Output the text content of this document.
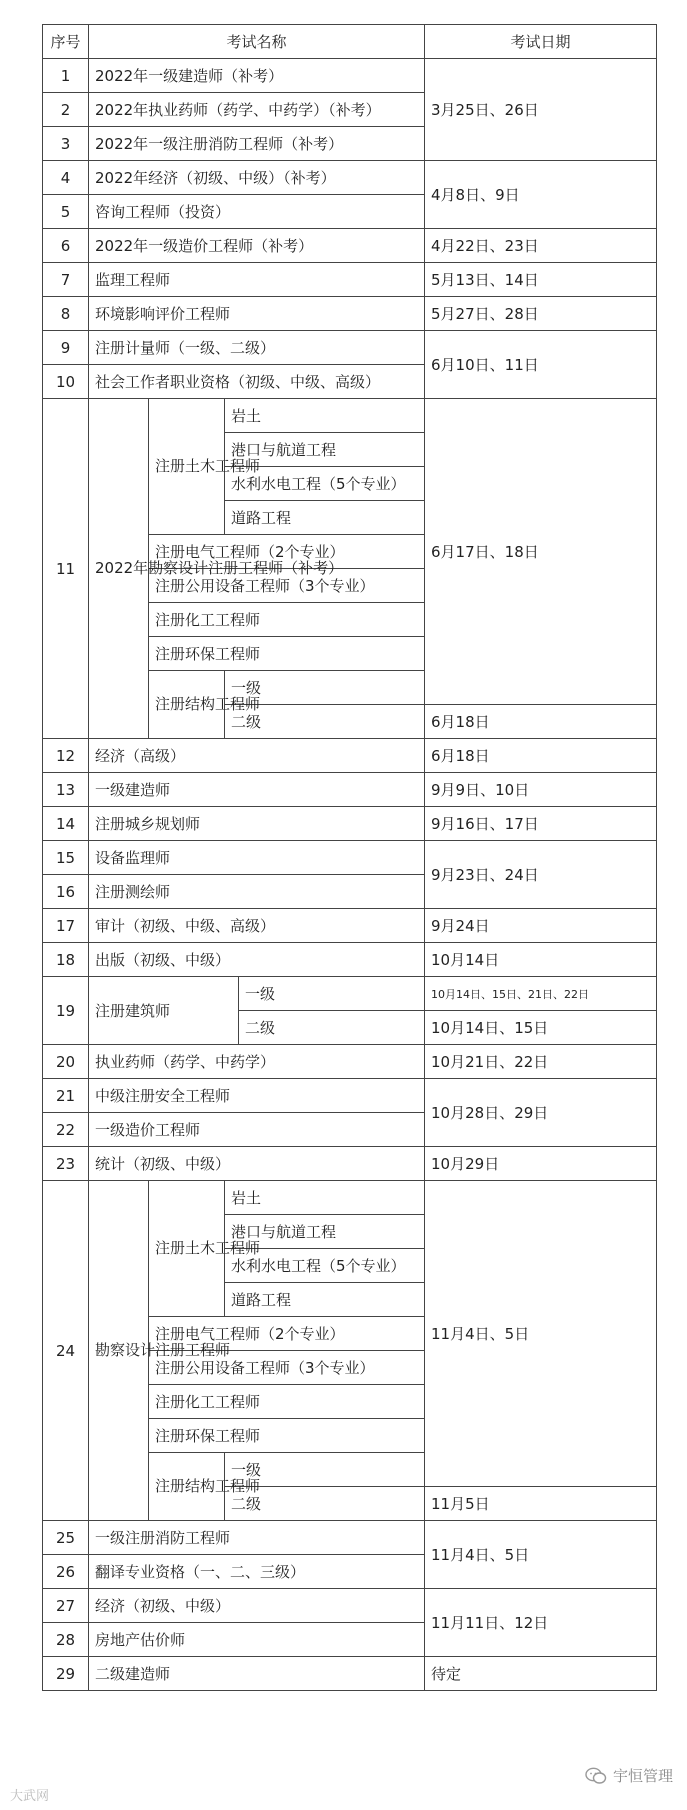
序号	考试名称				考试日期
1	2022年一级建造师（补考）				3月25日、26日
2	2022年执业药师（药学、中药学）（补考）				
3	2022年一级注册消防工程师（补考）				
4	2022年经济（初级、中级）（补考）				4月8日、9日
5	咨询工程师（投资）				
6	2022年一级造价工程师（补考）				4月22日、23日
7	监理工程师				5月13日、14日
8	环境影响评价工程师				5月27日、28日
9	注册计量师（一级、二级）				6月10日、11日
10	社会工作者职业资格（初级、中级、高级）				
11	2022年勘察设计注册工程师（补考）	注册土木工程师	岩土		6月17日、18日
			港口与航道工程		
			水利水电工程（5个专业）		
			道路工程		
		注册电气工程师（2个专业）			
		注册公用设备工程师（3个专业）			
		注册化工工程师			
		注册环保工程师			
		注册结构工程师	一级		
			二级		6月18日
12	经济（高级）				6月18日
13	一级建造师				9月9日、10日
14	注册城乡规划师				9月16日、17日
15	设备监理师				9月23日、24日
16	注册测绘师				
17	审计（初级、中级、高级）				9月24日
18	出版（初级、中级）				10月14日
19	注册建筑师			一级	10月14日、15日、21日、22日
				二级	10月14日、15日
20	执业药师（药学、中药学）				10月21日、22日
21	中级注册安全工程师				10月28日、29日
22	一级造价工程师				
23	统计（初级、中级）				10月29日
24	勘察设计注册工程师	注册土木工程师	岩土		11月4日、5日
			港口与航道工程		
			水利水电工程（5个专业）		
			道路工程		
		注册电气工程师（2个专业）			
		注册公用设备工程师（3个专业）			
		注册化工工程师			
		注册环保工程师			
		注册结构工程师	一级		
			二级		11月5日
25	一级注册消防工程师				11月4日、5日
26	翻译专业资格（一、二、三级）				
27	经济（初级、中级）				11月11日、12日
28	房地产估价师				
29	二级建造师				待定
宇恒管理
大武网
